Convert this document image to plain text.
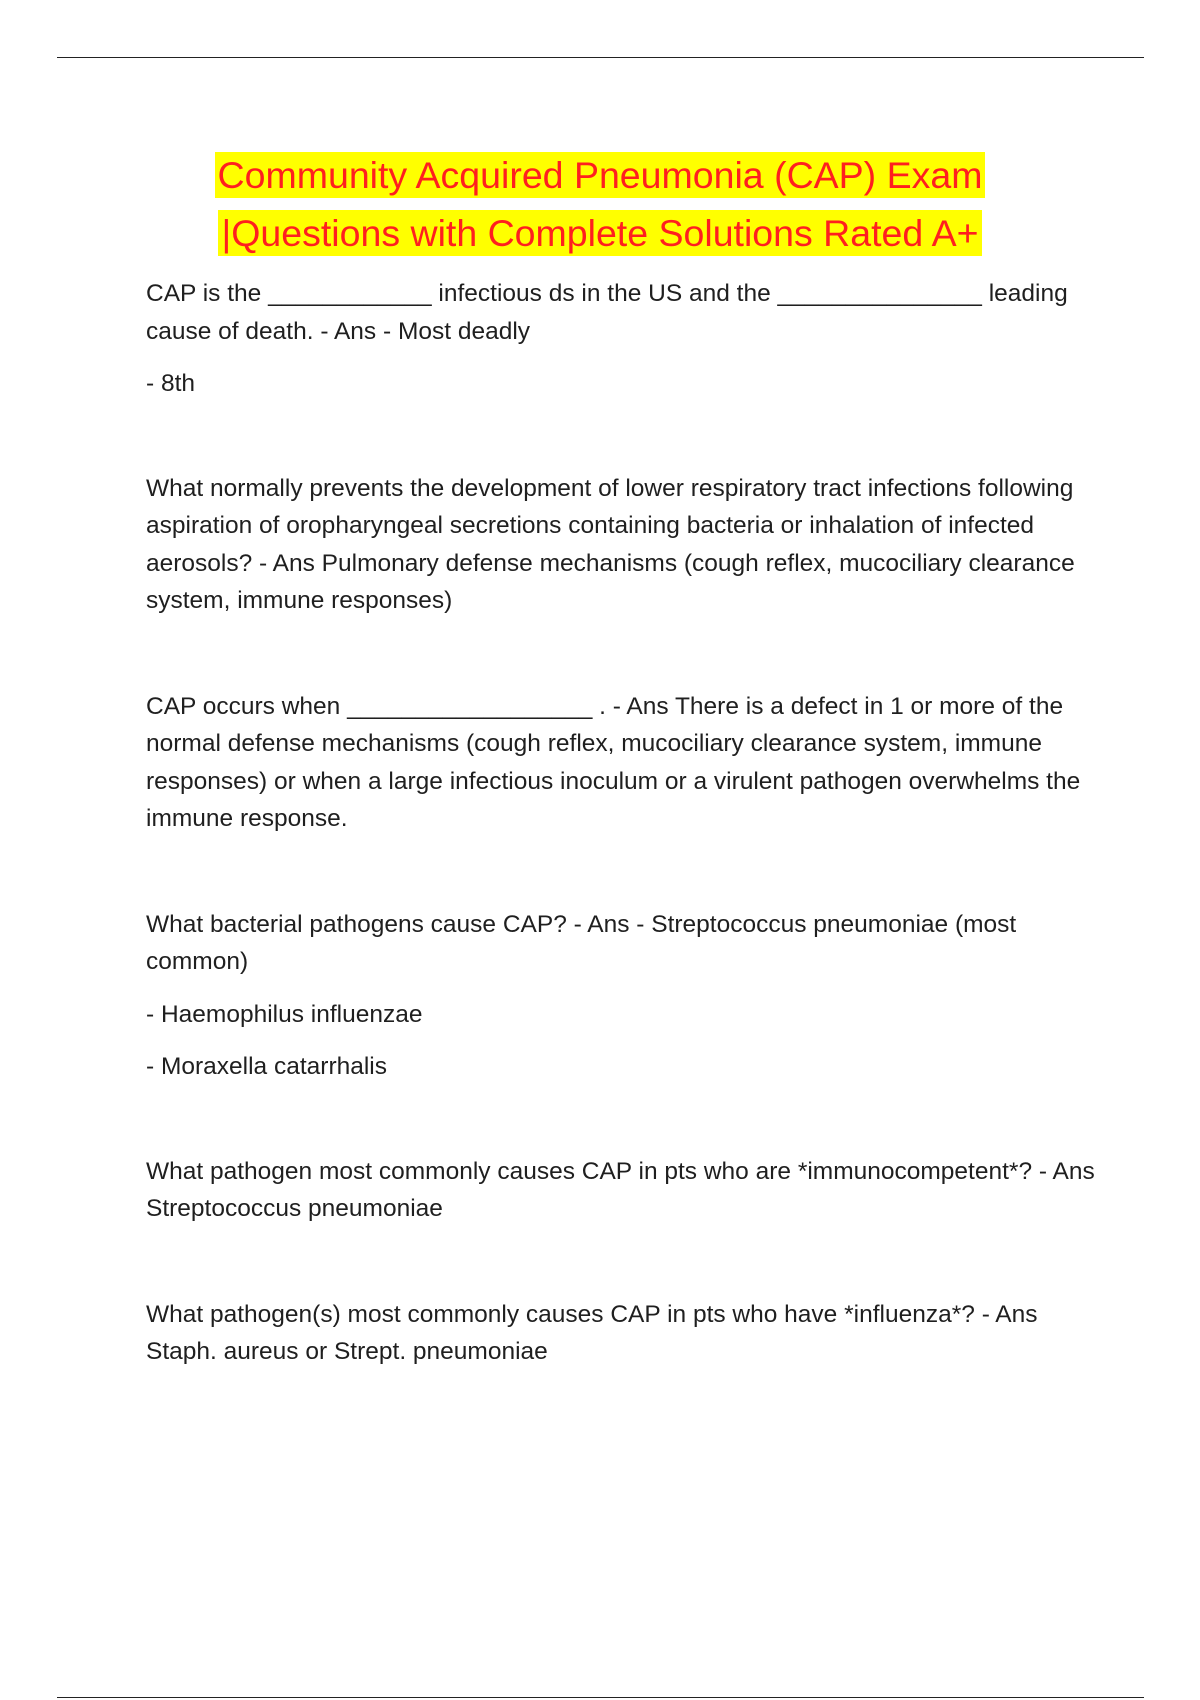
Community Acquired Pneumonia (CAP) Exam
|Questions with Complete Solutions Rated A+

CAP is the ____________ infectious ds in the US and the _______________ leading cause of death. - Ans - Most deadly

- 8th

What normally prevents the development of lower respiratory tract infections following aspiration of oropharyngeal secretions containing bacteria or inhalation of infected aerosols? - Ans Pulmonary defense mechanisms (cough reflex, mucociliary clearance system, immune responses)

CAP occurs when __________________ . - Ans There is a defect in 1 or more of the normal defense mechanisms (cough reflex, mucociliary clearance system, immune responses) or when a large infectious inoculum or a virulent pathogen overwhelms the immune response.

What bacterial pathogens cause CAP? - Ans - Streptococcus pneumoniae (most common)

- Haemophilus influenzae

- Moraxella catarrhalis

What pathogen most commonly causes CAP in pts who are *immunocompetent*? - Ans Streptococcus pneumoniae

What pathogen(s) most commonly causes CAP in pts who have *influenza*? - Ans Staph. aureus or Strept. pneumoniae
